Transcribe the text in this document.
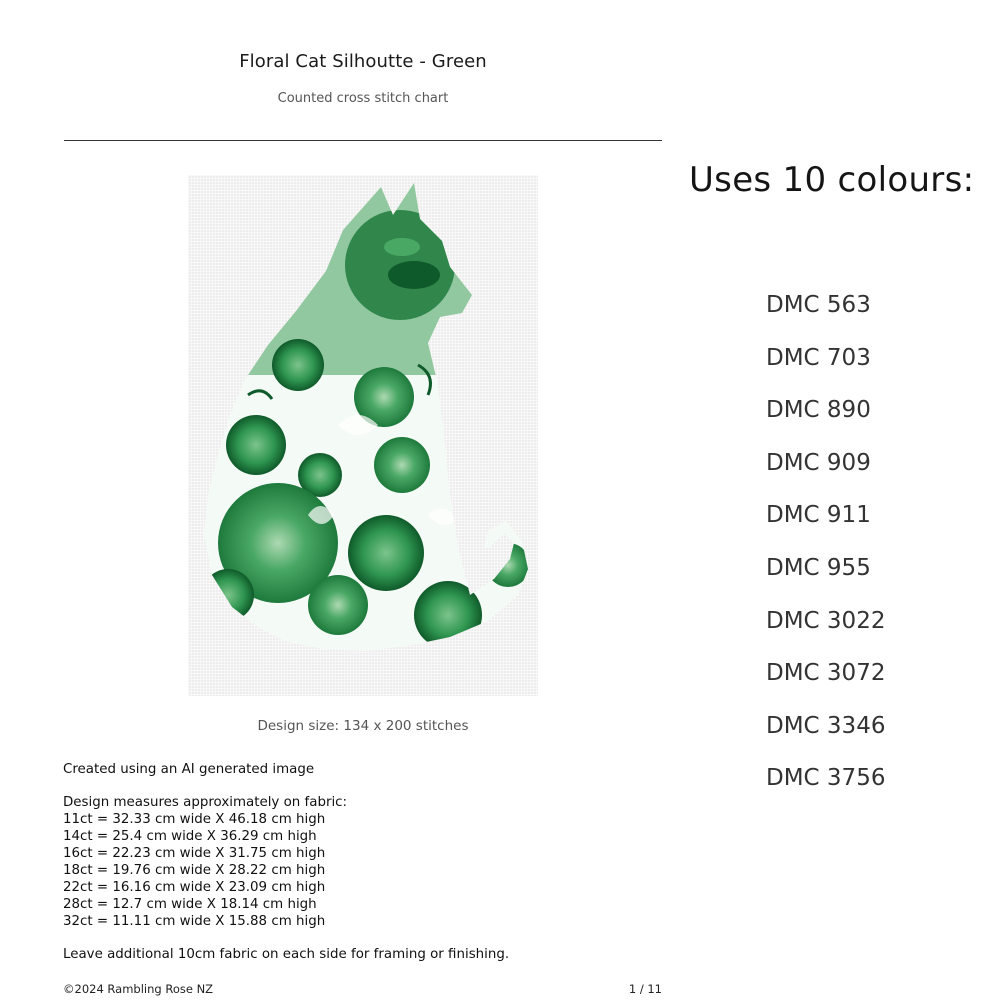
Floral Cat Silhoutte - Green
Counted cross stitch chart
Design size: 134 x 200 stitches
Created using an AI generated image
Design measures approximately on fabric:
11ct = 32.33 cm wide X 46.18 cm high
14ct = 25.4 cm wide X 36.29 cm high
16ct = 22.23 cm wide X 31.75 cm high
18ct = 19.76 cm wide X 28.22 cm high
22ct = 16.16 cm wide X 23.09 cm high
28ct = 12.7 cm wide X 18.14 cm high
32ct = 11.11 cm wide X 15.88 cm high
Leave additional 10cm fabric on each side for framing or finishing.
©2024 Rambling Rose NZ	1 / 11
Uses 10 colours:
DMC 563
DMC 703
DMC 890
DMC 909
DMC 911
DMC 955
DMC 3022
DMC 3072
DMC 3346
DMC 3756
